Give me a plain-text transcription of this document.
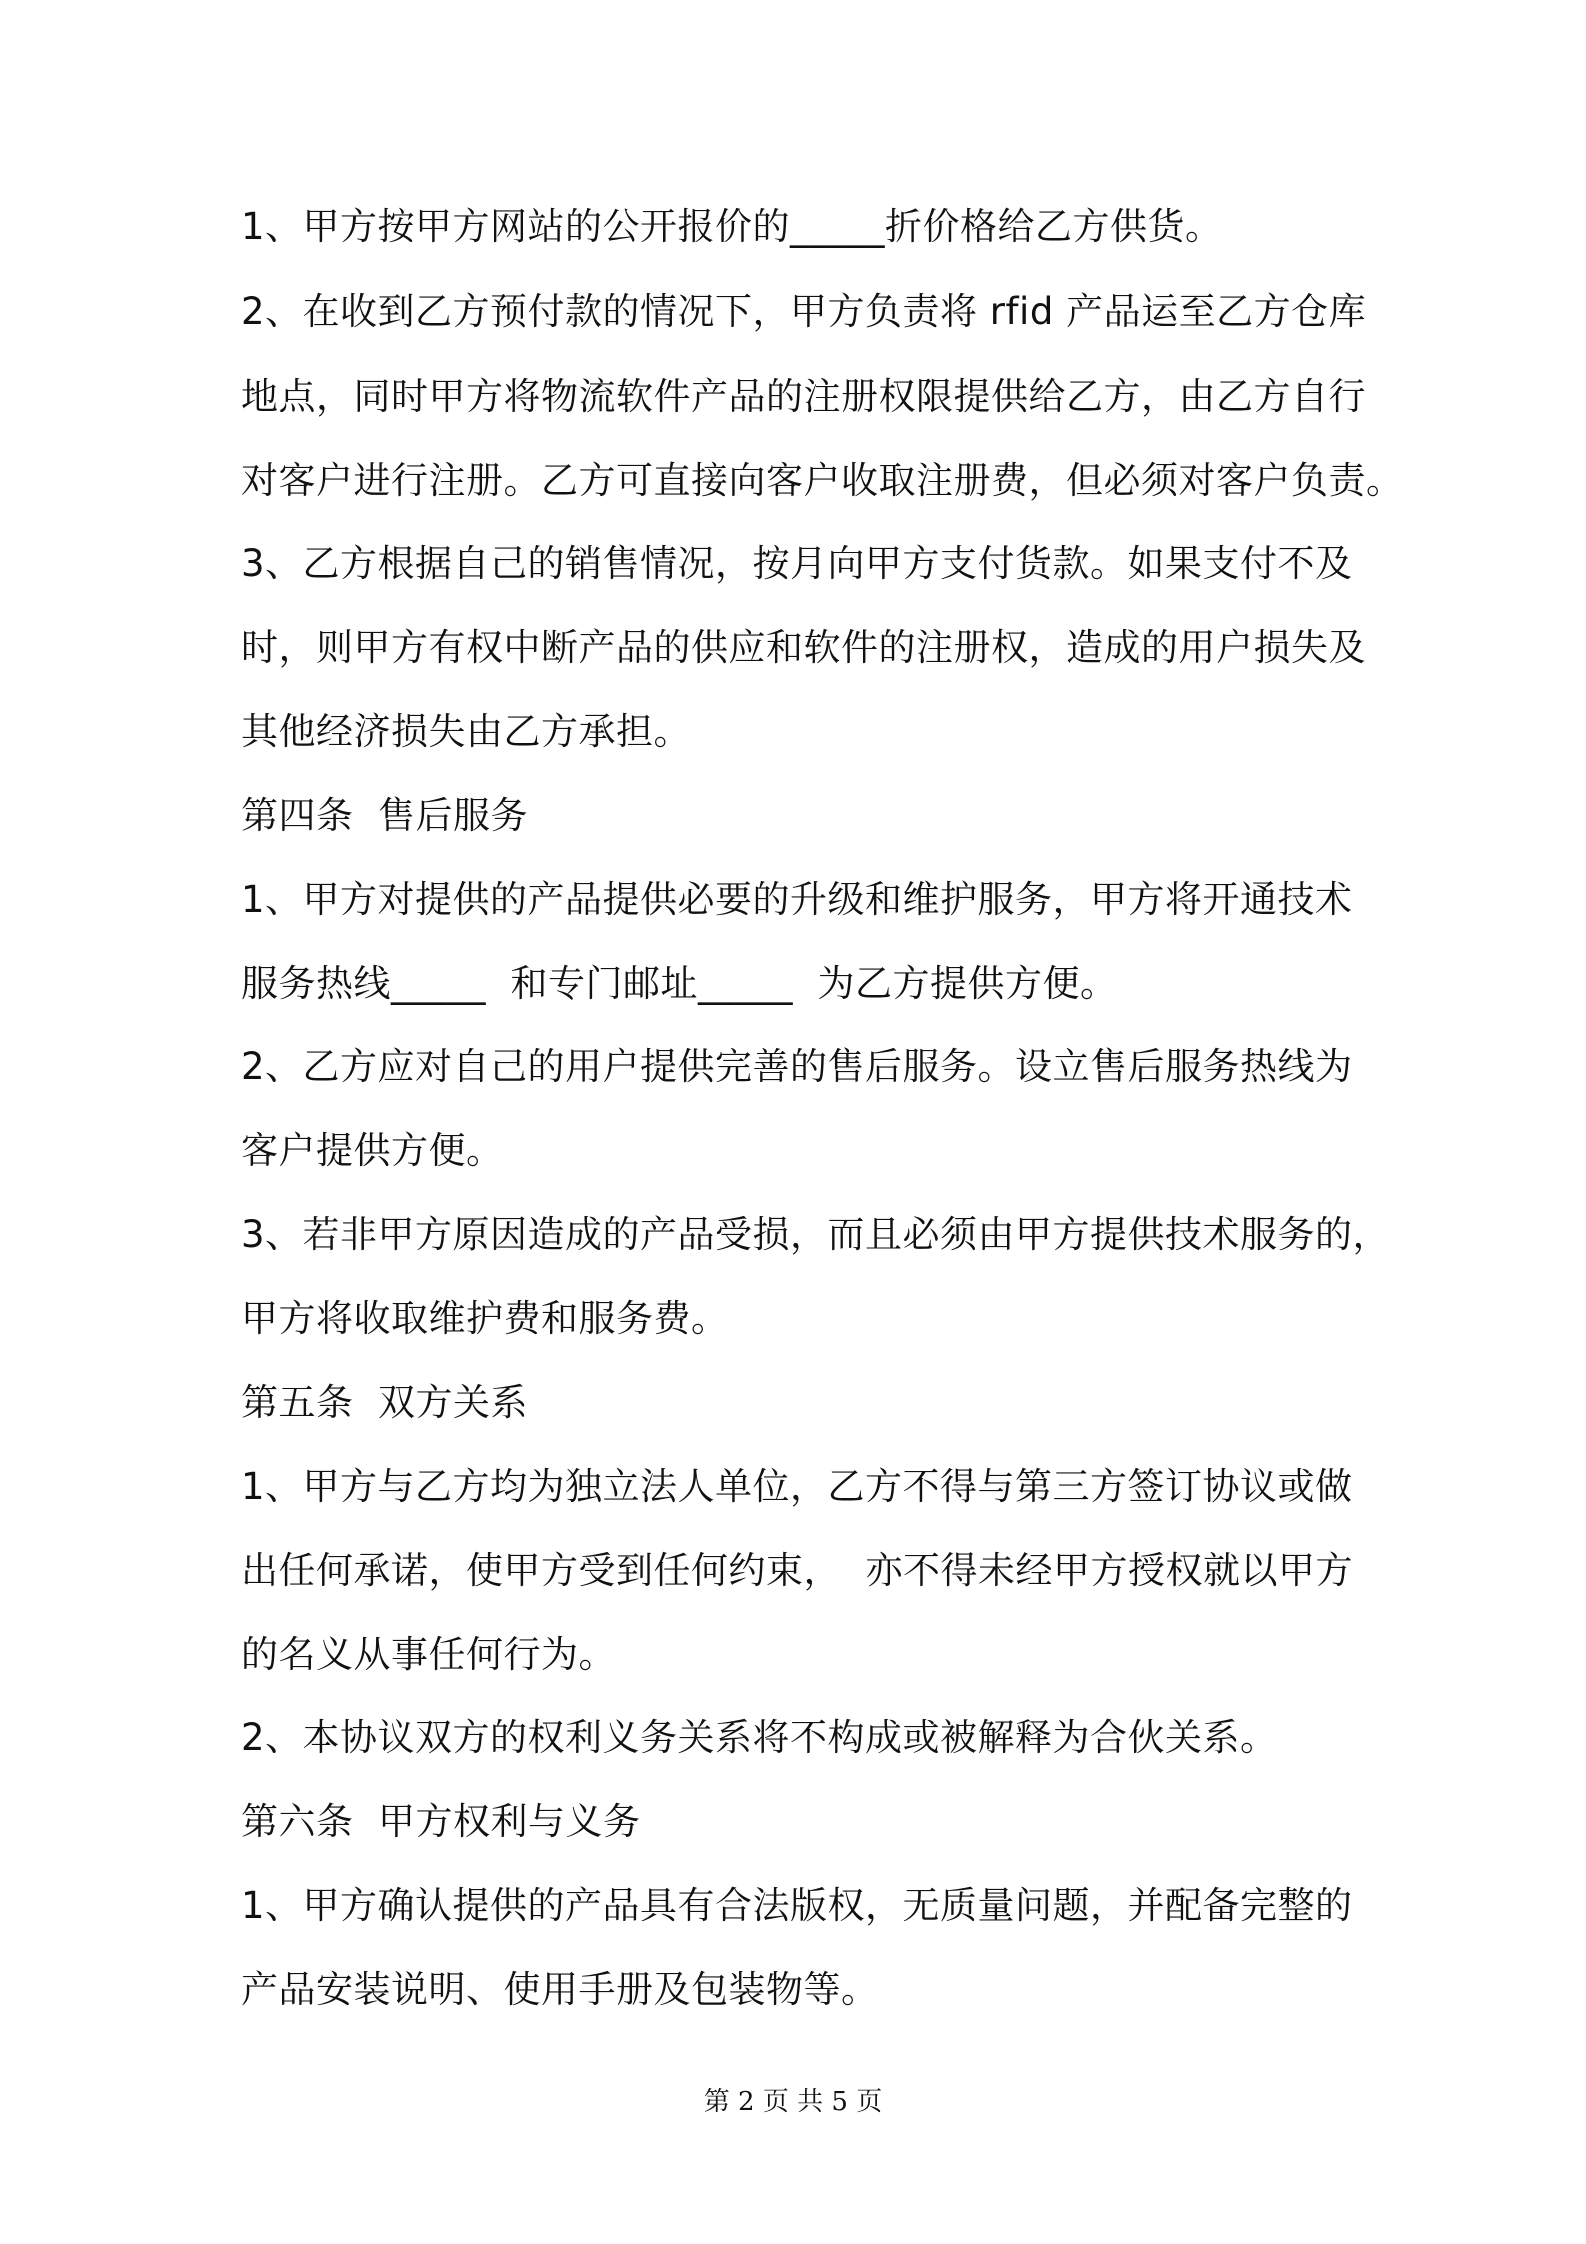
1、甲方按甲方网站的公开报价的_____折价格给乙方供货。
2、在收到乙方预付款的情况下，甲方负责将 rfid 产品运至乙方仓库
地点，同时甲方将物流软件产品的注册权限提供给乙方，由乙方自行
对客户进行注册。乙方可直接向客户收取注册费，但必须对客户负责。
3、乙方根据自己的销售情况，按月向甲方支付货款。如果支付不及
时，则甲方有权中断产品的供应和软件的注册权，造成的用户损失及
其他经济损失由乙方承担。
第四条  售后服务
1、甲方对提供的产品提供必要的升级和维护服务，甲方将开通技术
服务热线_____  和专门邮址_____  为乙方提供方便。
2、乙方应对自己的用户提供完善的售后服务。设立售后服务热线为
客户提供方便。
3、若非甲方原因造成的产品受损，而且必须由甲方提供技术服务的，
甲方将收取维护费和服务费。
第五条  双方关系
1、甲方与乙方均为独立法人单位，乙方不得与第三方签订协议或做
出任何承诺，使甲方受到任何约束，  亦不得未经甲方授权就以甲方
的名义从事任何行为。
2、本协议双方的权利义务关系将不构成或被解释为合伙关系。
第六条  甲方权利与义务
1、甲方确认提供的产品具有合法版权，无质量问题，并配备完整的
产品安装说明、使用手册及包装物等。
第 2 页 共 5 页
